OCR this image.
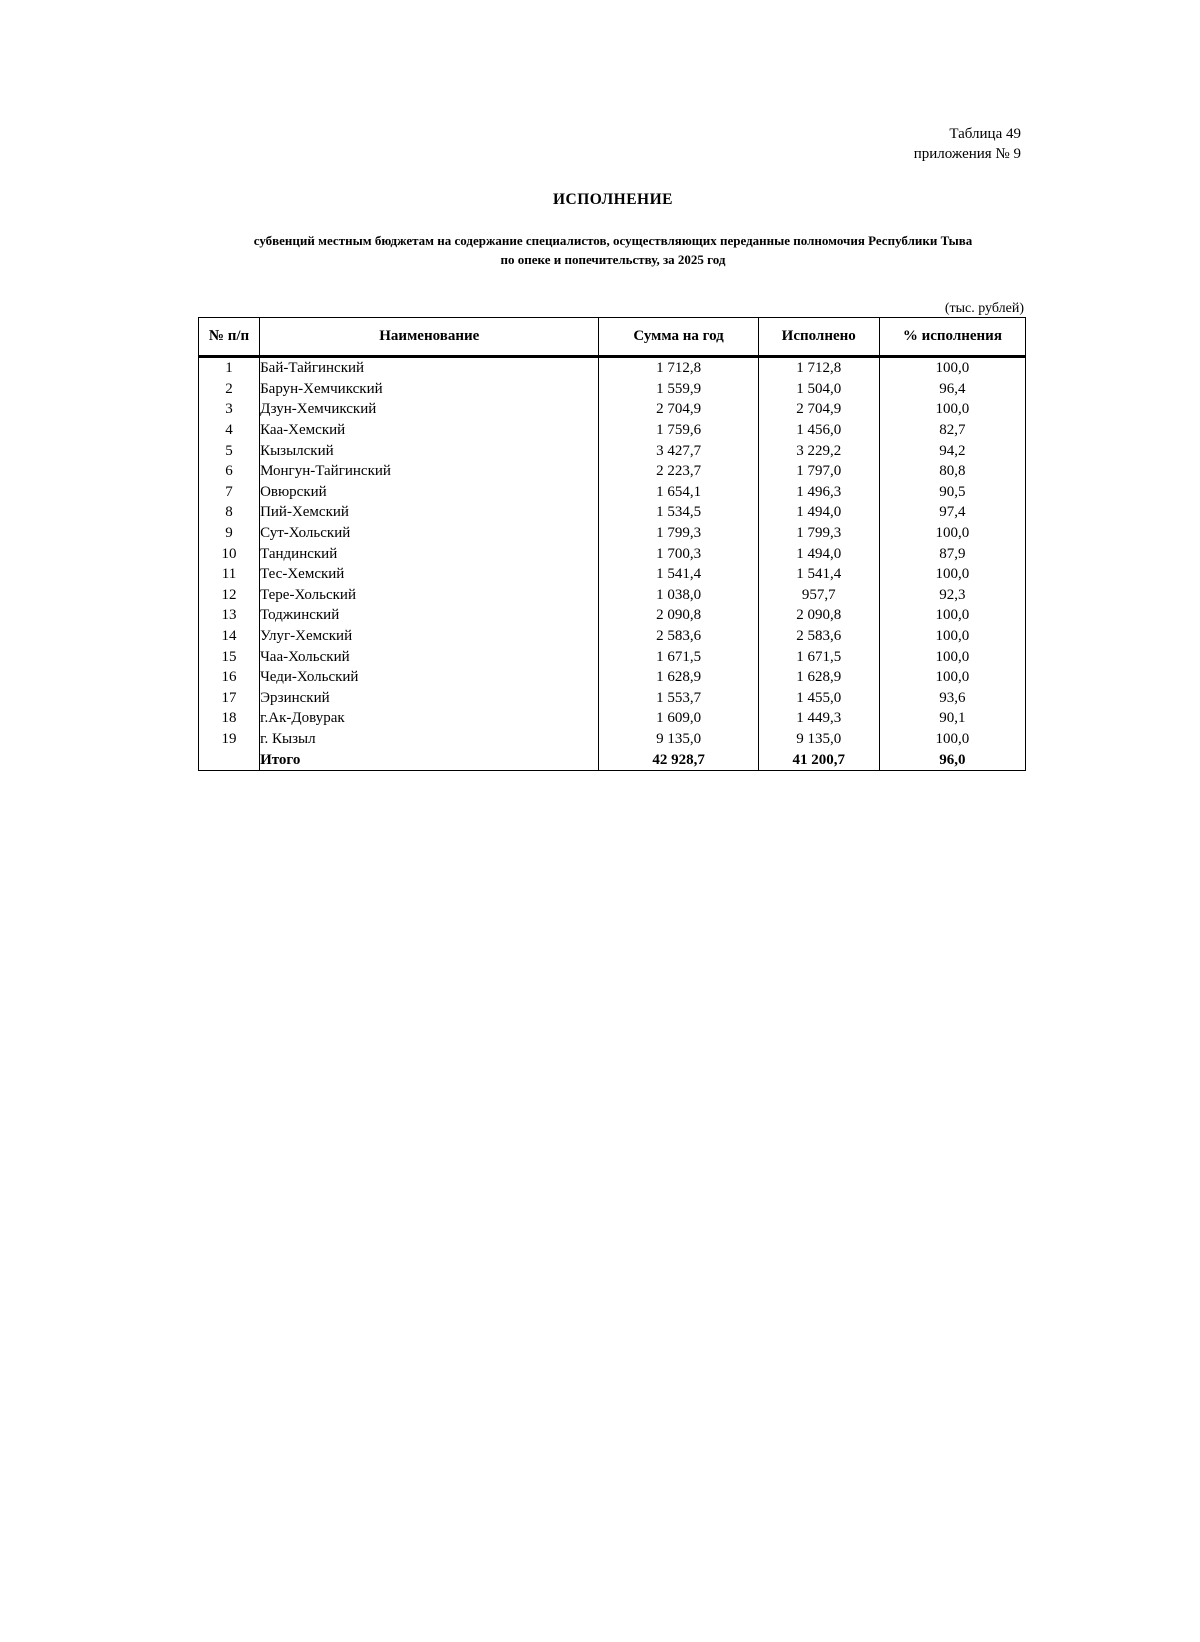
Таблица 49
приложения № 9
ИСПОЛНЕНИЕ
субвенций местным бюджетам на содержание специалистов, осуществляющих переданные полномочия Республики Тыва
по опеке и попечительству, за 2025 год
(тыс. рублей)
№ п/п	Наименование	Сумма на год	Исполнено	% исполнения
1	Бай-Тайгинский	1 712,8	1 712,8	100,0
2	Барун-Хемчикский	1 559,9	1 504,0	96,4
3	Дзун-Хемчикский	2 704,9	2 704,9	100,0
4	Каа-Хемский	1 759,6	1 456,0	82,7
5	Кызылский	3 427,7	3 229,2	94,2
6	Монгун-Тайгинский	2 223,7	1 797,0	80,8
7	Овюрский	1 654,1	1 496,3	90,5
8	Пий-Хемский	1 534,5	1 494,0	97,4
9	Сут-Хольский	1 799,3	1 799,3	100,0
10	Тандинский	1 700,3	1 494,0	87,9
11	Тес-Хемский	1 541,4	1 541,4	100,0
12	Тере-Хольский	1 038,0	957,7	92,3
13	Тоджинский	2 090,8	2 090,8	100,0
14	Улуг-Хемский	2 583,6	2 583,6	100,0
15	Чаа-Хольский	1 671,5	1 671,5	100,0
16	Чеди-Хольский	1 628,9	1 628,9	100,0
17	Эрзинский	1 553,7	1 455,0	93,6
18	г.Ак-Довурак	1 609,0	1 449,3	90,1
19	г. Кызыл	9 135,0	9 135,0	100,0
	Итого	42 928,7	41 200,7	96,0
